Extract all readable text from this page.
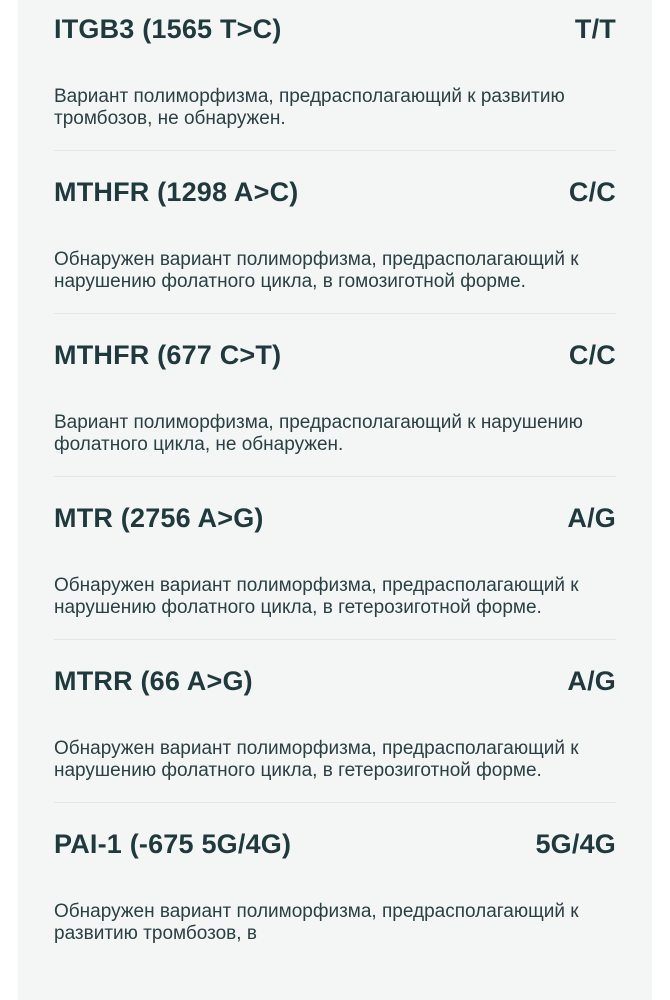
ITGB3 (1565 T>C)	T/T
Вариант полиморфизма, предрасполагающий к развитию тромбозов, не обнаружен.
MTHFR (1298 A>C)	C/C
Обнаружен вариант полиморфизма, предрасполагающий к нарушению фолатного цикла, в гомозиготной форме.
MTHFR (677 C>T)	C/C
Вариант полиморфизма, предрасполагающий к нарушению фолатного цикла, не обнаружен.
MTR (2756 A>G)	A/G
Обнаружен вариант полиморфизма, предрасполагающий к нарушению фолатного цикла, в гетерозиготной форме.
MTRR (66 A>G)	A/G
Обнаружен вариант полиморфизма, предрасполагающий к нарушению фолатного цикла, в гетерозиготной форме.
PAI-1 (-675 5G/4G)	5G/4G
Обнаружен вариант полиморфизма, предрасполагающий к развитию тромбозов, в
